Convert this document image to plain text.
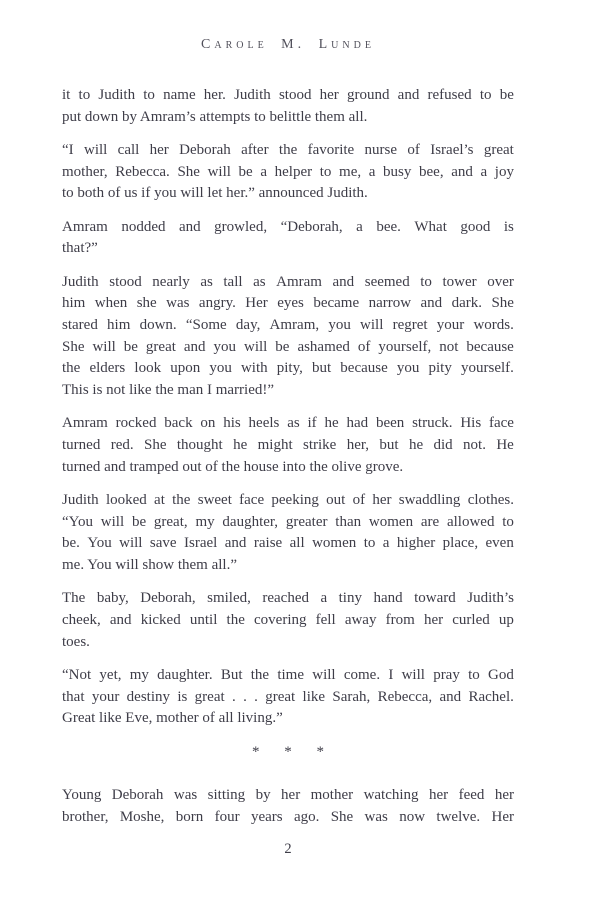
Carole M. Lunde
it to Judith to name her. Judith stood her ground and refused to be
put down by Amram’s attempts to belittle them all.
“I will call her Deborah after the favorite nurse of Israel’s great
mother, Rebecca. She will be a helper to me, a busy bee, and a joy
to both of us if you will let her.” announced Judith.
Amram nodded and growled, “Deborah, a bee. What good is
that?”
Judith stood nearly as tall as Amram and seemed to tower over
him when she was angry. Her eyes became narrow and dark. She
stared him down. “Some day, Amram, you will regret your words.
She will be great and you will be ashamed of yourself, not because
the elders look upon you with pity, but because you pity yourself.
This is not like the man I married!”
Amram rocked back on his heels as if he had been struck. His face
turned red. She thought he might strike her, but he did not. He
turned and tramped out of the house into the olive grove.
Judith looked at the sweet face peeking out of her swaddling clothes.
“You will be great, my daughter, greater than women are allowed to
be. You will save Israel and raise all women to a higher place, even
me. You will show them all.”
The baby, Deborah, smiled, reached a tiny hand toward Judith’s
cheek, and kicked until the covering fell away from her curled up
toes.
“Not yet, my daughter. But the time will come. I will pray to God
that your destiny is great . . . great like Sarah, Rebecca, and Rachel.
Great like Eve, mother of all living.”
* * *
Young Deborah was sitting by her mother watching her feed her
brother, Moshe, born four years ago. She was now twelve. Her
2
